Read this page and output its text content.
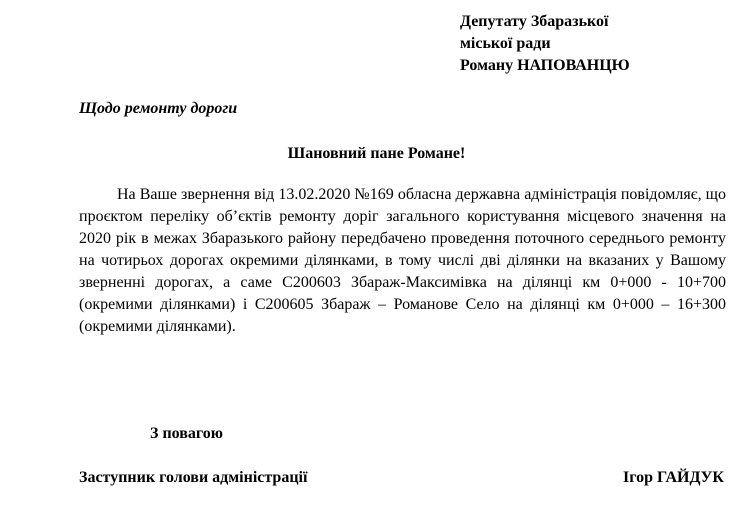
Депутату Збаразької
міської ради
Роману НАПОВАНЦЮ
Щодо ремонту дороги
Шановний пане Романе!

На Ваше звернення від 13.02.2020 №169 обласна державна адміністрація повідомляє, що проєктом переліку об’єктів ремонту доріг загального користування місцевого значення на 2020 рік в межах Збаразького району передбачено проведення поточного середнього ремонту на чотирьох дорогах окремими ділянками, в тому числі дві ділянки на вказаних у Вашому зверненні дорогах, а саме С200603 Збараж-Максимівка на ділянці км 0+000 - 10+700 (окремими ділянками) і С200605 Збараж – Романове Село на ділянці км 0+000 – 16+300 (окремими ділянками).

З повагою
Заступник голови адміністрації	Ігор ГАЙДУК
